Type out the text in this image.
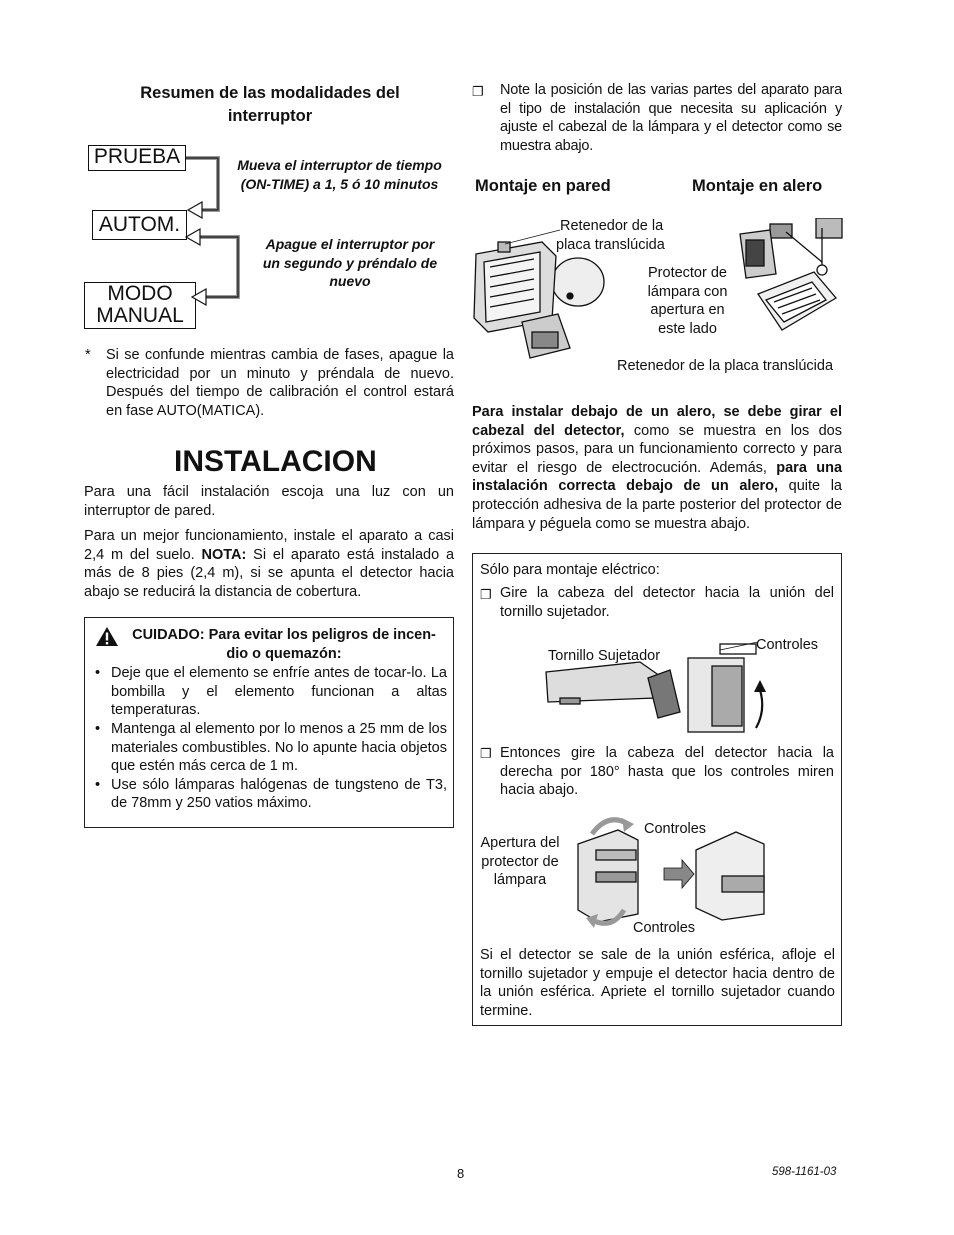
Resumen de las modalidades del
interruptor
PRUEBA
AUTOM.
MODO
MANUAL
Mueva el interruptor de tiempo
(ON-TIME) a 1, 5 ó 10 minutos
Apague el interruptor por
un segundo y préndalo de
nuevo
* Si se confunde mientras cambia de fases, apague la electricidad por un minuto y préndala de nuevo. Después del tiempo de calibración el control estará en fase AUTO(MATICA).

INSTALACION

Para una fácil instalación escoja una luz con un interruptor de pared.

Para un mejor funcionamiento, instale el aparato a casi 2,4 m del suelo. NOTA: Si el aparato está instalado a más de 8 pies (2,4 m), si se apunta el detector hacia abajo se reducirá la distancia de cobertura.

CUIDADO: Para evitar los peligros de incen-
dio o quemazón:
• Deje que el elemento se enfríe antes de tocar-lo. La bombilla y el elemento funcionan a altas temperaturas.
• Mantenga al elemento por lo menos a 25 mm de los materiales combustibles. No lo apunte hacia objetos que estén más cerca de 1 m.
• Use sólo lámparas halógenas de tungsteno de T3, de 78mm y 250 vatios máximo.
❐ Note la posición de las varias partes del aparato para el tipo de instalación que necesita su aplicación y ajuste el cabezal de la lámpara y el detector como se muestra abajo.

Montaje en pared	Montaje en alero
Retenedor de la
placa translúcida
Protector de
lámpara con
apertura en
este lado
Retenedor de la placa translúcida

Para instalar debajo de un alero, se debe girar el cabezal del detector, como se muestra en los dos próximos pasos, para un funcionamiento correcto y para evitar el riesgo de electrocución. Además, para una instalación correcta debajo de un alero, quite la protección adhesiva de la parte posterior del protector de lámpara y péguela como se muestra abajo.

Sólo para montaje eléctrico:
❐ Gire la cabeza del detector hacia la unión del tornillo sujetador.

Controles
Tornillo Sujetador
❐ Entonces gire la cabeza del detector hacia la derecha por 180° hasta que los controles miren hacia abajo.

Controles
Apertura del
protector de
lámpara
Controles

Si el detector se sale de la unión esférica, afloje el tornillo sujetador y empuje el detector hacia dentro de la unión esférica. Apriete el tornillo sujetador cuando termine.

8	598-1161-03
